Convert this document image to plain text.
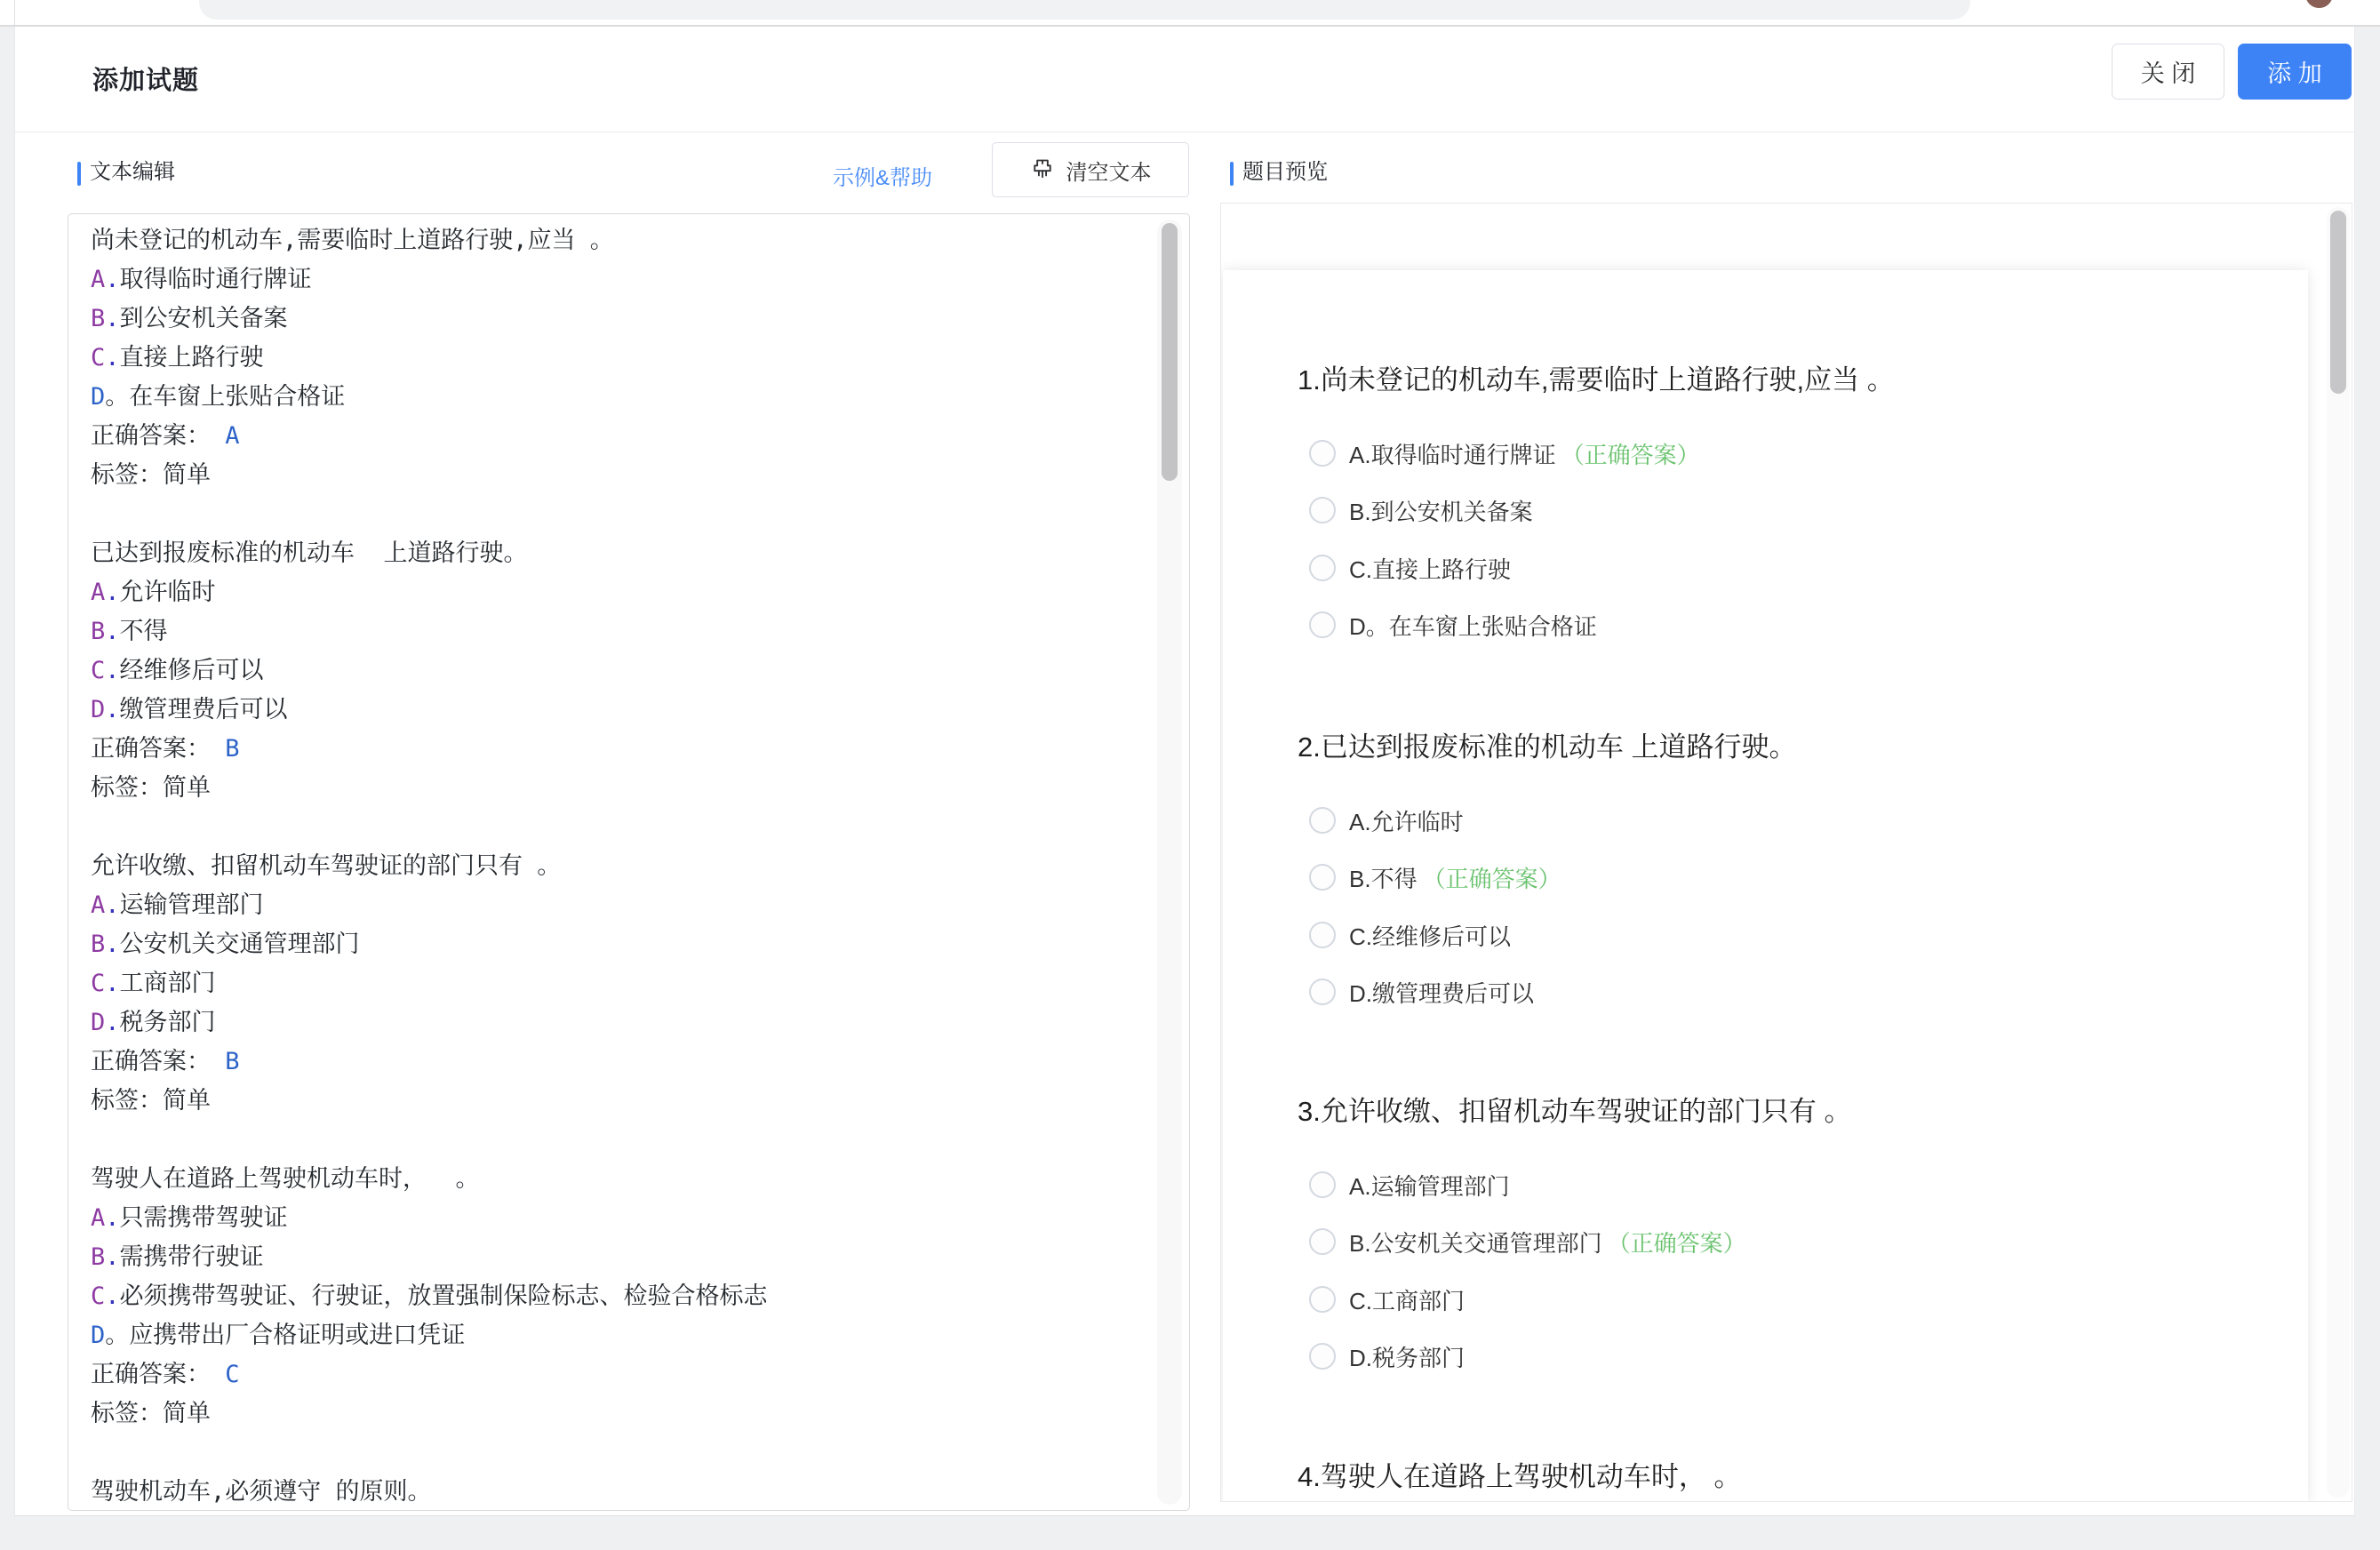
添加试题	关 闭	添 加
文本编辑	示例&帮助	清空文本
尚未登记的机动车,需要临时上道路行驶,应当 。
A.取得临时通行牌证
B.到公安机关备案
C.直接上路行驶
D。在车窗上张贴合格证
正确答案： A
标签：简单

已达到报废标准的机动车  上道路行驶。
A.允许临时
B.不得
C.经维修后可以
D.缴管理费后可以
正确答案： B
标签：简单

允许收缴、扣留机动车驾驶证的部门只有 。
A.运输管理部门
B.公安机关交通管理部门
C.工商部门
D.税务部门
正确答案： B
标签：简单

驾驶人在道路上驾驶机动车时，  。
A.只需携带驾驶证
B.需携带行驶证
C.必须携带驾驶证、行驶证，放置强制保险标志、检验合格标志
D。应携带出厂合格证明或进口凭证
正确答案： C
标签：简单

驾驶机动车,必须遵守 的原则。
题目预览
1.尚未登记的机动车,需要临时上道路行驶,应当 。
A.取得临时通行牌证 （正确答案）
B.到公安机关备案
C.直接上路行驶
D。在车窗上张贴合格证
2.已达到报废标准的机动车 上道路行驶。
A.允许临时
B.不得 （正确答案）
C.经维修后可以
D.缴管理费后可以
3.允许收缴、扣留机动车驾驶证的部门只有 。
A.运输管理部门
B.公安机关交通管理部门 （正确答案）
C.工商部门
D.税务部门
4.驾驶人在道路上驾驶机动车时， 。
